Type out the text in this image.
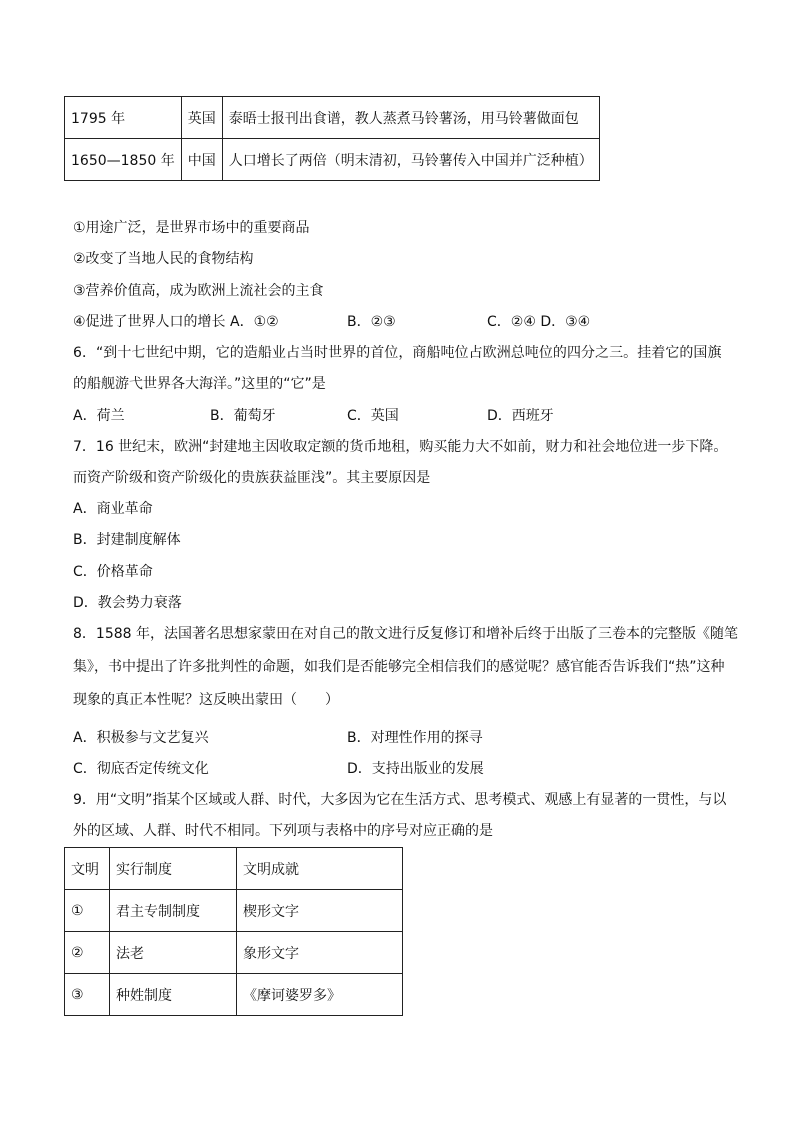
1795 年	英国	泰晤士报刊出食谱，教人蒸煮马铃薯汤，用马铃薯做面包
1650—1850 年	中国	人口增长了两倍（明末清初，马铃薯传入中国并广泛种植）
①用途广泛，是世界市场中的重要商品
②改变了当地人民的食物结构
③营养价值高，成为欧洲上流社会的主食
④促进了世界人口的增长 A．①②	B．②③	C．②④ D．③④
6．“到十七世纪中期，它的造船业占当时世界的首位，商船吨位占欧洲总吨位的四分之三。挂着它的国旗
的船舰游弋世界各大海洋。”这里的“它”是
A．荷兰	B．葡萄牙	C．英国	D．西班牙
7．16 世纪末，欧洲“封建地主因收取定额的货币地租，购买能力大不如前，财力和社会地位进一步下降。
而资产阶级和资产阶级化的贵族获益匪浅”。其主要原因是
A．商业革命
B．封建制度解体
C．价格革命
D．教会势力衰落
8．1588 年，法国著名思想家蒙田在对自己的散文进行反复修订和增补后终于出版了三卷本的完整版《随笔
集》，书中提出了许多批判性的命题，如我们是否能够完全相信我们的感觉呢？感官能否告诉我们“热”这种
现象的真正本性呢？这反映出蒙田（　　）
A．积极参与文艺复兴	B．对理性作用的探寻
C．彻底否定传统文化	D．支持出版业的发展
9．用“文明”指某个区域或人群、时代，大多因为它在生活方式、思考模式、观感上有显著的一贯性，与以
外的区域、人群、时代不相同。下列项与表格中的序号对应正确的是
文明	实行制度	文明成就
①	君主专制制度	楔形文字
②	法老	象形文字
③	种姓制度	《摩诃婆罗多》
